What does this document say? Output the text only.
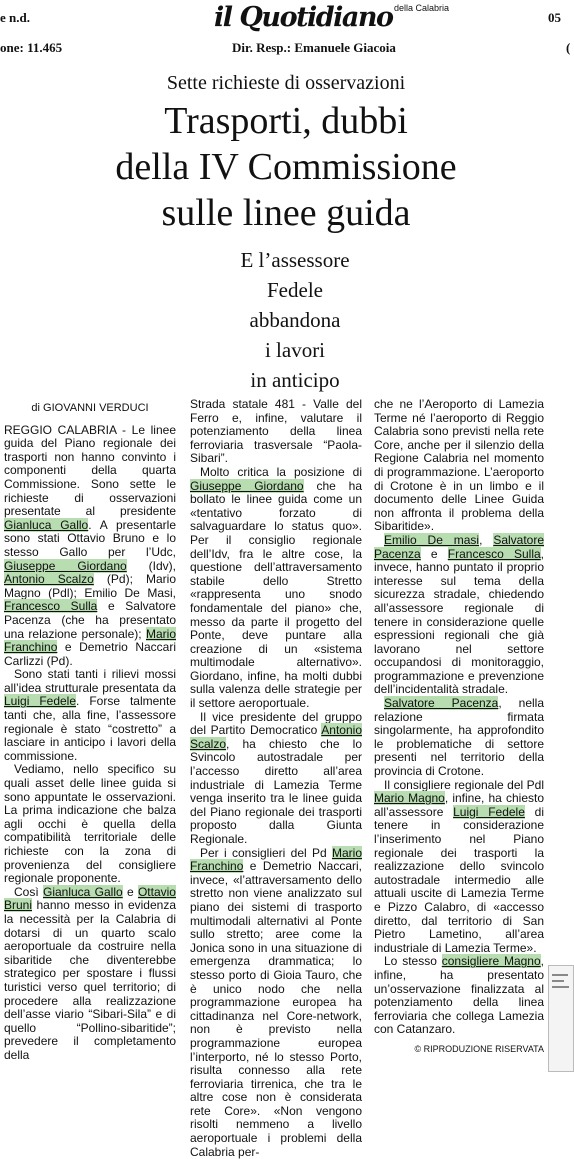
e n.d.
one: 11.465
il Quotidiano della Calabria
05
Dir. Resp.: Emanuele Giacoia	(
Sette richieste di osservazioni
Trasporti, dubbi
della IV Commissione
sulle linee guida
E l’assessore
Fedele
abbandona
i lavori
in anticipo
di GIOVANNI VERDUCI

REGGIO CALABRIA - Le linee guida del Piano regionale dei trasporti non hanno convinto i componenti della quarta Commissione. Sono sette le richieste di osservazioni presentate al presidente Gianluca Gallo. A presentarle sono stati Ottavio Bruno e lo stesso Gallo per l’Udc, Giuseppe Giordano (Idv), Antonio Scalzo (Pd); Mario Magno (Pdl); Emilio De Masi, Francesco Sulla e Salvatore Pacenza (che ha presentato una relazione personale); Mario Franchino e Demetrio Naccari Carlizzi (Pd).

Sono stati tanti i rilievi mossi all’idea strutturale presentata da Luigi Fedele. Forse talmente tanti che, alla fine, l’assessore regionale è stato “costretto” a lasciare in anticipo i lavori della commissione.

Vediamo, nello specifico su quali asset delle linee guida si sono appuntate le osservazioni. La prima indicazione che balza agli occhi è quella della compatibilità territoriale delle richieste con la zona di provenienza del consigliere regionale proponente.

Così Gianluca Gallo e Ottavio Bruni hanno messo in evidenza la necessità per la Calabria di dotarsi di un quarto scalo aeroportuale da costruire nella sibaritide che diventerebbe strategico per spostare i flussi turistici verso quel territorio; di procedere alla realizzazione dell’asse viario “Sibari-Sila” e di quello “Pollino-sibaritide”; prevedere il completamento della

Strada statale 481 - Valle del Ferro e, infine, valutare il potenziamento della linea ferroviaria trasversale “Paola-Sibari”.

Molto critica la posizione di Giuseppe Giordano che ha bollato le linee guida come un «tentativo forzato di salvaguardare lo status quo». Per il consiglio regionale dell’Idv, fra le altre cose, la questione dell’attraversamento stabile dello Stretto «rappresenta uno snodo fondamentale del piano» che, messo da parte il progetto del Ponte, deve puntare alla creazione di un «sistema multimodale alternativo». Giordano, infine, ha molti dubbi sulla valenza delle strategie per il settore aeroportuale.

Il vice presidente del gruppo del Partito Democratico Antonio Scalzo, ha chiesto che lo Svincolo autostradale per l’accesso diretto all’area industriale di Lamezia Terme venga inserito tra le linee guida del Piano regionale dei trasporti proposto dalla Giunta Regionale.

Per i consiglieri del Pd Mario Franchino e Demetrio Naccari, invece, «l’attraversamento dello stretto non viene analizzato sul piano dei sistemi di trasporto multimodali alternativi al Ponte sullo stretto; aree come la Jonica sono in una situazione di emergenza drammatica; lo stesso porto di Gioia Tauro, che è unico nodo che nella programmazione europea ha cittadinanza nel Core-network, non è previsto nella programmazione europea l’interporto, né lo stesso Porto, risulta connesso alla rete ferroviaria tirrenica, che tra le altre cose non è considerata rete Core». «Non vengono risolti nemmeno a livello aeroportuale i problemi della Calabria per-

che ne l’Aeroporto di Lamezia Terme né l’aeroporto di Reggio Calabria sono previsti nella rete Core, anche per il silenzio della Regione Calabria nel momento di programmazione. L’aeroporto di Crotone è in un limbo e il documento delle Linee Guida non affronta il problema della Sibaritide».

Emilio De masi, Salvatore Pacenza e Francesco Sulla, invece, hanno puntato il proprio interesse sul tema della sicurezza stradale, chiedendo all’assessore regionale di tenere in considerazione quelle espressioni regionali che già lavorano nel settore occupandosi di monitoraggio, programmazione e prevenzione dell’incidentalità stradale.

Salvatore Pacenza, nella relazione firmata singolarmente, ha approfondito le problematiche di settore presenti nel territorio della provincia di Crotone.

Il consigliere regionale del Pdl Mario Magno, infine, ha chiesto all’assessore Luigi Fedele di tenere in considerazione l’inserimento nel Piano regionale dei trasporti la realizzazione dello svincolo autostradale intermedio alle attuali uscite di Lamezia Terme e Pizzo Calabro, di «accesso diretto, dal territorio di San Pietro Lametino, all’area industriale di Lamezia Terme».

Lo stesso consigliere Magno, infine, ha presentato un’osservazione finalizzata al potenziamento della linea ferroviaria che collega Lamezia con Catanzaro.

© RIPRODUZIONE RISERVATA
